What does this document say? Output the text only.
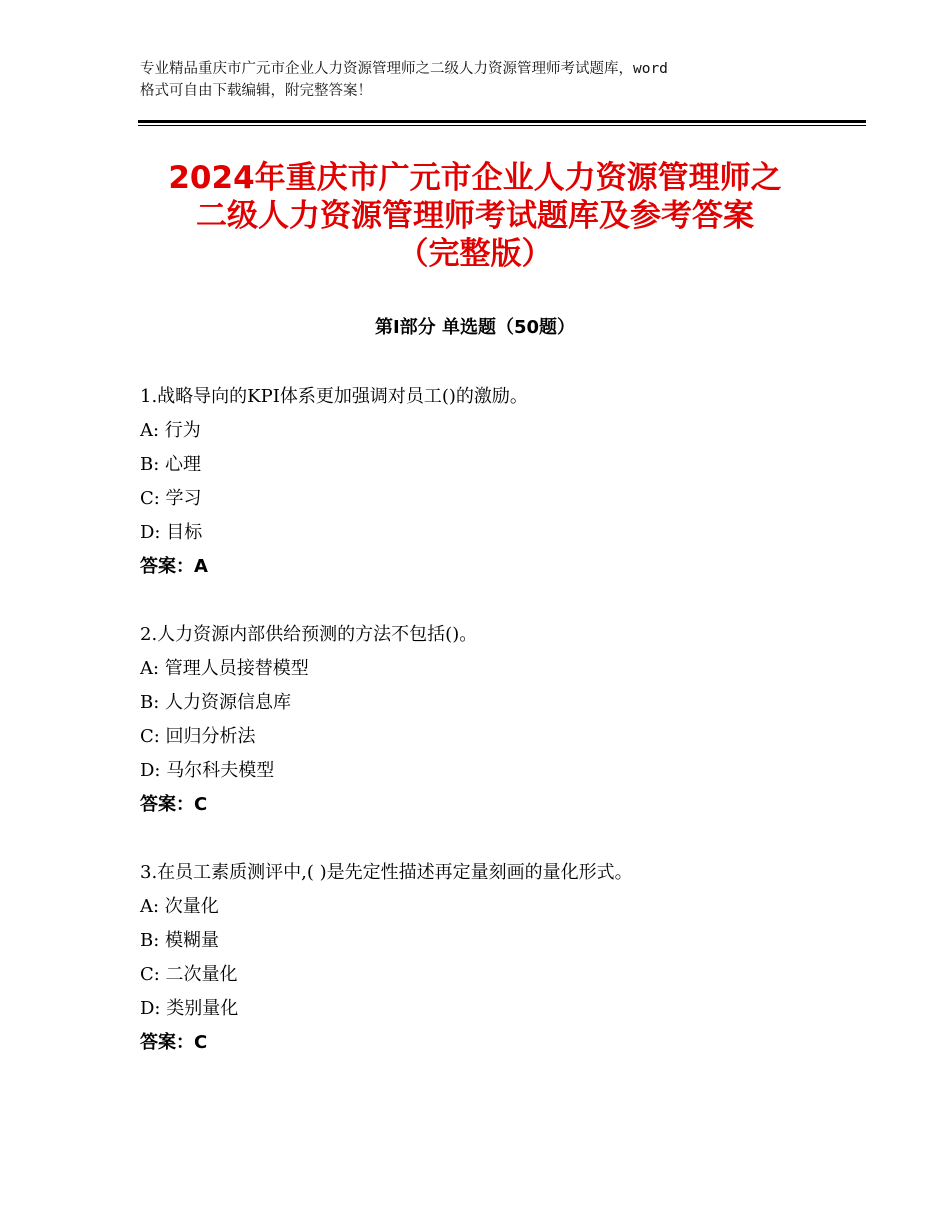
专业精品重庆市广元市企业人力资源管理师之二级人力资源管理师考试题库，word
格式可自由下载编辑，附完整答案！
2024年重庆市广元市企业人力资源管理师之
二级人力资源管理师考试题库及参考答案
（完整版）
第Ⅰ部分 单选题（50题）
1.战略导向的KPI体系更加强调对员工()的激励。
A: 行为
B: 心理
C: 学习
D: 目标
答案：A
2.人力资源内部供给预测的方法不包括()。
A: 管理人员接替模型
B: 人力资源信息库
C: 回归分析法
D: 马尔科夫模型
答案：C
3.在员工素质测评中,( )是先定性描述再定量刻画的量化形式。
A: 次量化
B: 模糊量
C: 二次量化
D: 类别量化
答案：C
